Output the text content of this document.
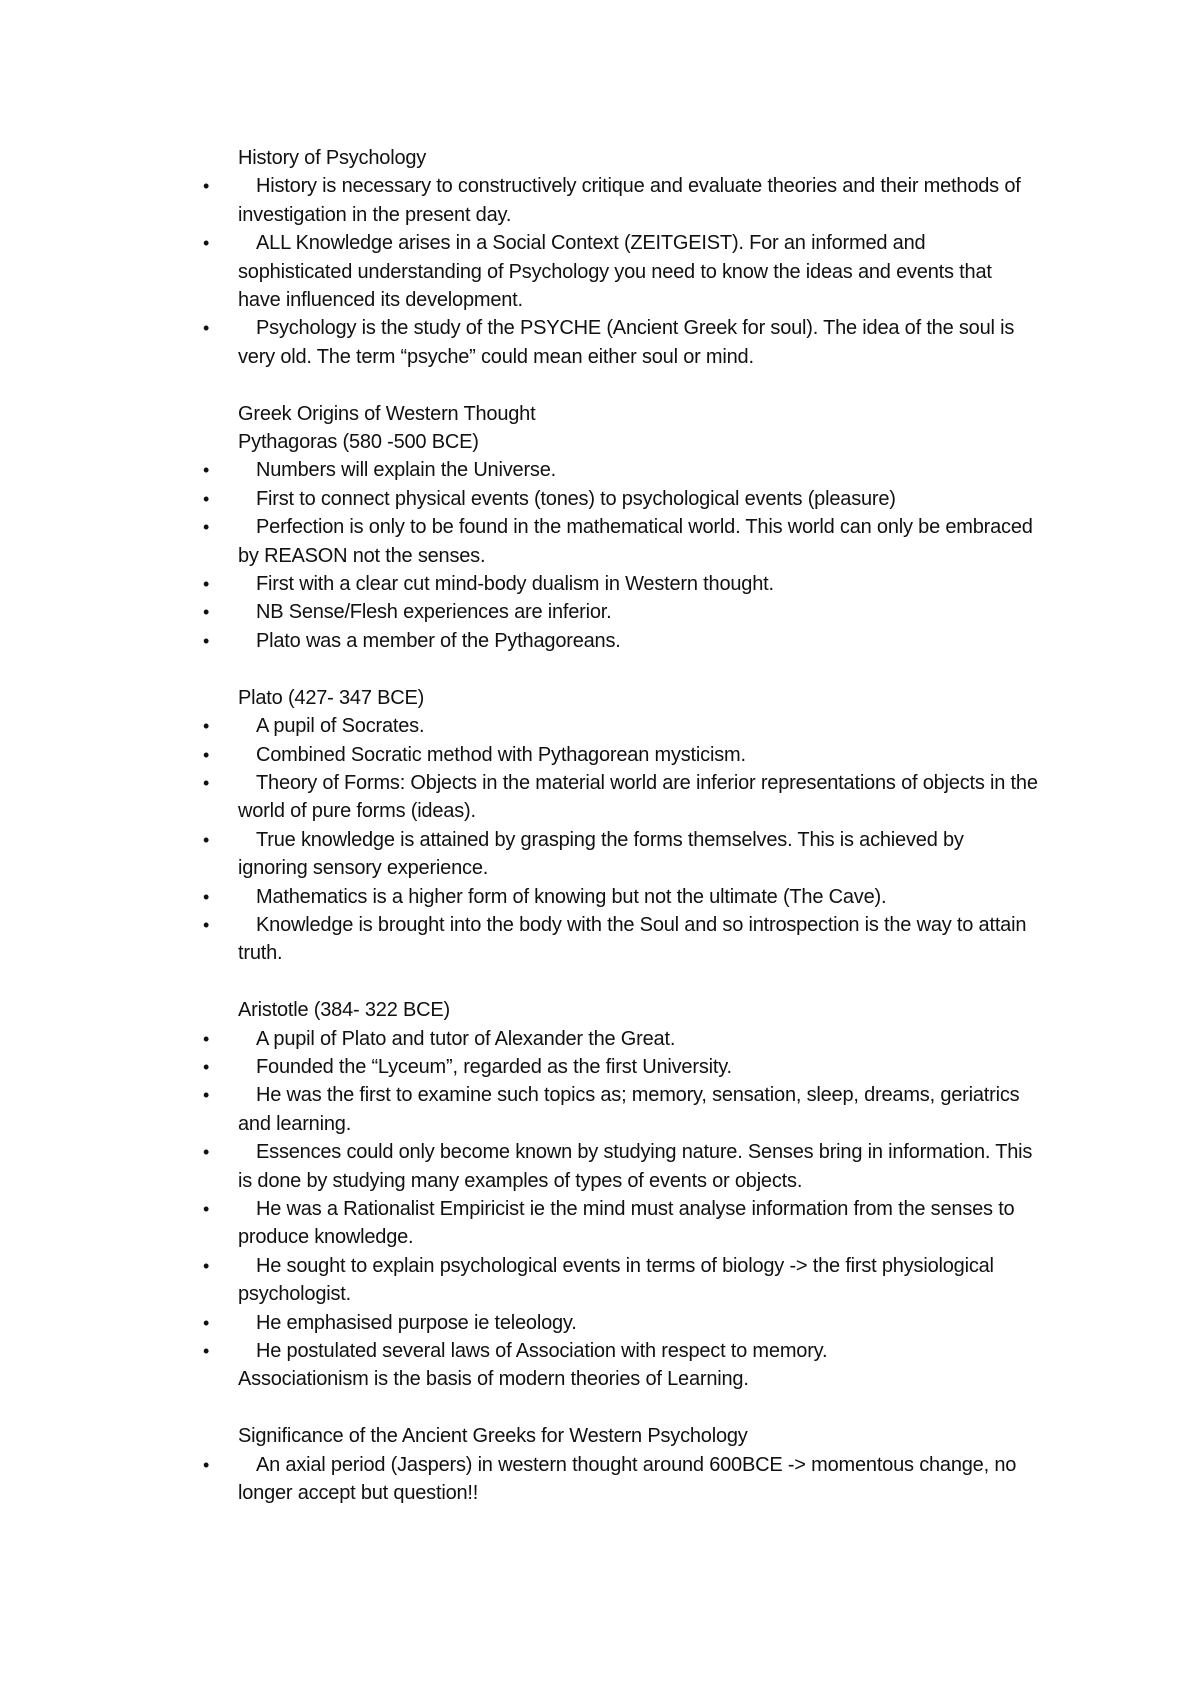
History of Psychology

• History is necessary to constructively critique and evaluate theories and their methods of investigation in the present day.
• ALL Knowledge arises in a Social Context (ZEITGEIST). For an informed and sophisticated understanding of Psychology you need to know the ideas and events that have influenced its development.
• Psychology is the study of the PSYCHE (Ancient Greek for soul). The idea of the soul is very old. The term “psyche” could mean either soul or mind.

Greek Origins of Western Thought

Pythagoras (580 -500 BCE)

• Numbers will explain the Universe.
• First to connect physical events (tones) to psychological events (pleasure)
• Perfection is only to be found in the mathematical world. This world can only be embraced by REASON not the senses.
• First with a clear cut mind-body dualism in Western thought.
• NB Sense/Flesh experiences are inferior.
• Plato was a member of the Pythagoreans.

Plato (427- 347 BCE)

• A pupil of Socrates.
• Combined Socratic method with Pythagorean mysticism.
• Theory of Forms: Objects in the material world are inferior representations of objects in the world of pure forms (ideas).
• True knowledge is attained by grasping the forms themselves. This is achieved by ignoring sensory experience.
• Mathematics is a higher form of knowing but not the ultimate (The Cave).
• Knowledge is brought into the body with the Soul and so introspection is the way to attain truth.

Aristotle (384- 322 BCE)

• A pupil of Plato and tutor of Alexander the Great.
• Founded the “Lyceum”, regarded as the first University.
• He was the first to examine such topics as; memory, sensation, sleep, dreams, geriatrics and learning.
• Essences could only become known by studying nature. Senses bring in information. This is done by studying many examples of types of events or objects.
• He was a Rationalist Empiricist ie the mind must analyse information from the senses to produce knowledge.
• He sought to explain psychological events in terms of biology -> the first physiological psychologist.
• He emphasised purpose ie teleology.
• He postulated several laws of Association with respect to memory.

Associationism is the basis of modern theories of Learning.

Significance of the Ancient Greeks for Western Psychology

• An axial period (Jaspers) in western thought around 600BCE -> momentous change, no longer accept but question!!
